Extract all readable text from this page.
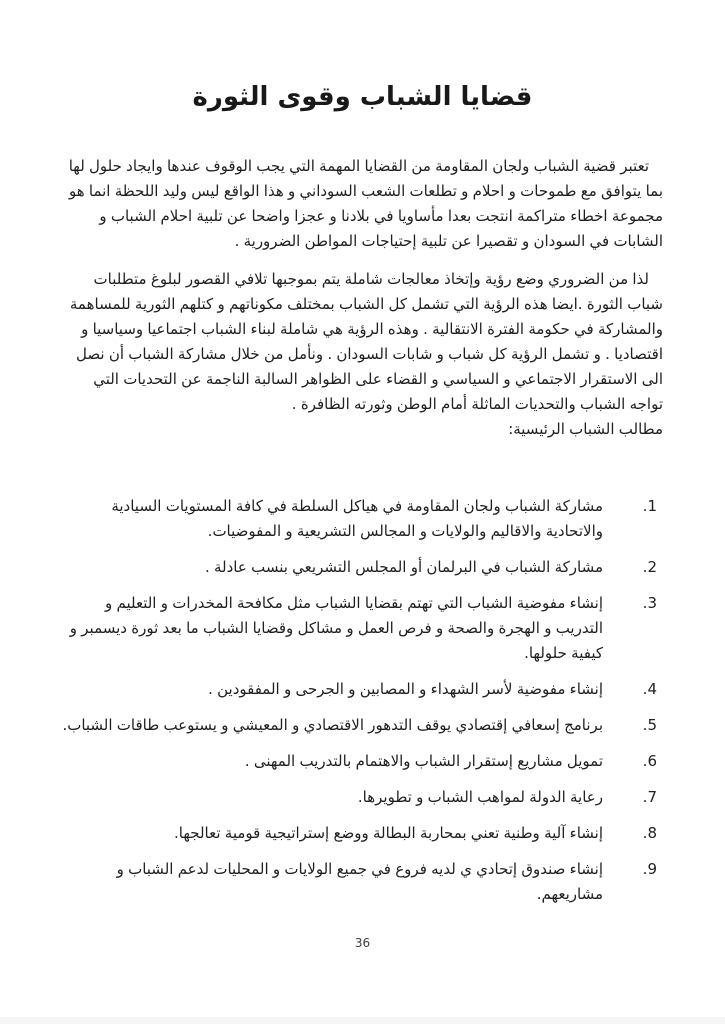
قضايا الشباب وقوى الثورة

تعتبر قضية الشباب ولجان المقاومة من القضايا المهمة التي يجب الوقوف عندها وايجاد حلول لها بما يتوافق مع طموحات و احلام و تطلعات الشعب السوداني و هذا الواقع ليس وليد اللحظة انما هو مجموعة اخطاء متراكمة انتجت بعدا مأساويا في بلادنا و عجزا واضحا عن تلبية احلام الشباب و الشابات في السودان و تقصيرا عن تلبية إحتياجات المواطن الضرورية .

لذا من الضروري وضع رؤية وإتخاذ معالجات شاملة يتم بموجبها تلافي القصور لبلوغ متطلبات شباب الثورة .ايضا هذه الرؤية التي تشمل كل الشباب بمختلف مكوناتهم و كتلهم الثورية للمساهمة والمشاركة في حكومة الفترة الانتقالية . وهذه الرؤية هي شاملة لبناء الشباب اجتماعيا وسياسيا و اقتصاديا . و تشمل الرؤية كل شباب و شابات السودان . ونأمل من خلال مشاركة الشباب أن نصل الى الاستقرار الاجتماعي و السياسي و القضاء على الظواهر السالبة الناجمة عن التحديات التي تواجه الشباب والتحديات الماثلة أمام الوطن وثورته الظافرة .

مطالب الشباب الرئيسية:

1.
مشاركة الشباب ولجان المقاومة في هياكل السلطة في كافة المستويات السيادية والاتحادية والاقاليم والولايات و المجالس التشريعية و المفوضيات.
2.
مشاركة الشباب في البرلمان أو المجلس التشريعي بنسب عادلة .
3.
إنشاء مفوضية الشباب التي تهتم بقضايا الشباب مثل مكافحة المخدرات و التعليم و التدريب و الهجرة والصحة و فرص العمل و مشاكل وقضايا الشباب ما بعد ثورة ديسمبر و كيفية حلولها.
4.
إنشاء مفوضية لأسر الشهداء و المصابين و الجرحى و المفقودين .
5.
برنامج إسعافي إقتصادي يوقف التدهور الاقتصادي و المعيشي و يستوعب طاقات الشباب.
6.
تمويل مشاريع إستقرار الشباب والاهتمام بالتدريب المهنى .
7.
رعاية الدولة لمواهب الشباب و تطويرها.
8.
إنشاء آلية وطنية تعني بمحاربة البطالة ووضع إستراتيجية قومية تعالجها.
9.
إنشاء صندوق إتحادي ي لديه فروع في جميع الولايات و المحليات لدعم الشباب و مشاريعهم.
36
